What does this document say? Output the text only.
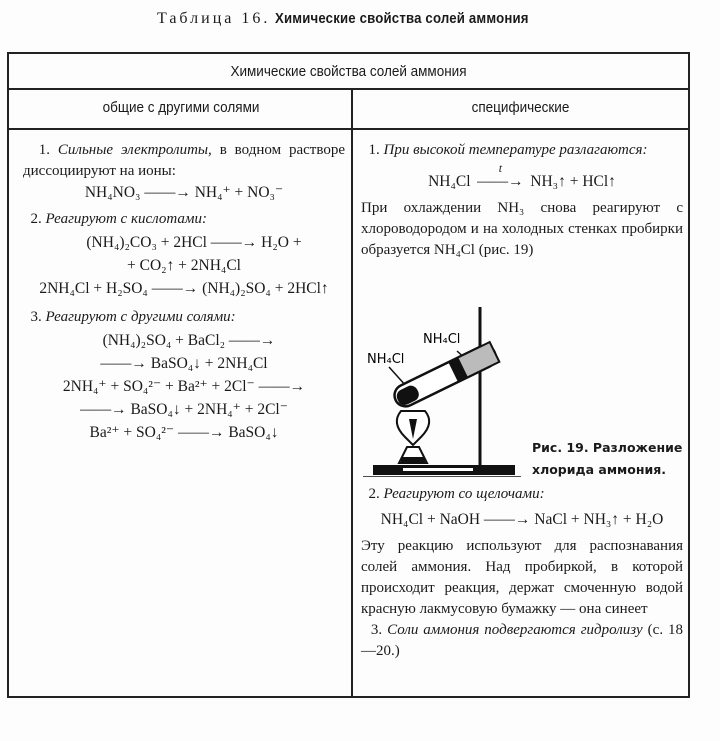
Таблица 16. Химические свойства солей аммония
Химические свойства солей аммония
общие с другими солями	специфические

1. Сильные электролиты, в водном растворе диссоциируют на ионы:

NH₄NO₃ ——→ NH₄⁺ + NO₃⁻

2. Реагируют с кислотами:

(NH₄)₂CO₃ + 2HCl ——→ H₂O +

+ CO₂↑ + 2NH₄Cl

2NH₄Cl + H₂SO₄ ——→ (NH₄)₂SO₄ + 2HCl↑

3. Реагируют с другими солями:

(NH₄)₂SO₄ + BaCl₂ ——→

——→ BaSO₄↓ + 2NH₄Cl

2NH₄⁺ + SO₄²⁻ + Ba²⁺ + 2Cl⁻ ——→

——→ BaSO₄↓ + 2NH₄⁺ + 2Cl⁻

Ba²⁺ + SO₄²⁻ ——→ BaSO₄↓

1. При высокой температуре разлагаются:

NH₄Cl
t
——→ NH₃↑ + HCl↑

При охлаждении NH₃ снова реагируют с хлороводородом и на холодных стенках пробирки образуется NH₄Cl (рис. 19)

NH₄Cl
NH₄Cl
Рис. 19. Разложение
хлорида аммония.

2. Реагируют со щелочами:

NH₄Cl + NaOH ——→ NaCl + NH₃↑ + H₂O

Эту реакцию используют для распознавания солей аммония. Над пробиркой, в которой происходит реакция, держат смоченную водой красную лакмусовую бумажку — она синеет

3. Соли аммония подвергаются гидролизу (с. 18—20.)
